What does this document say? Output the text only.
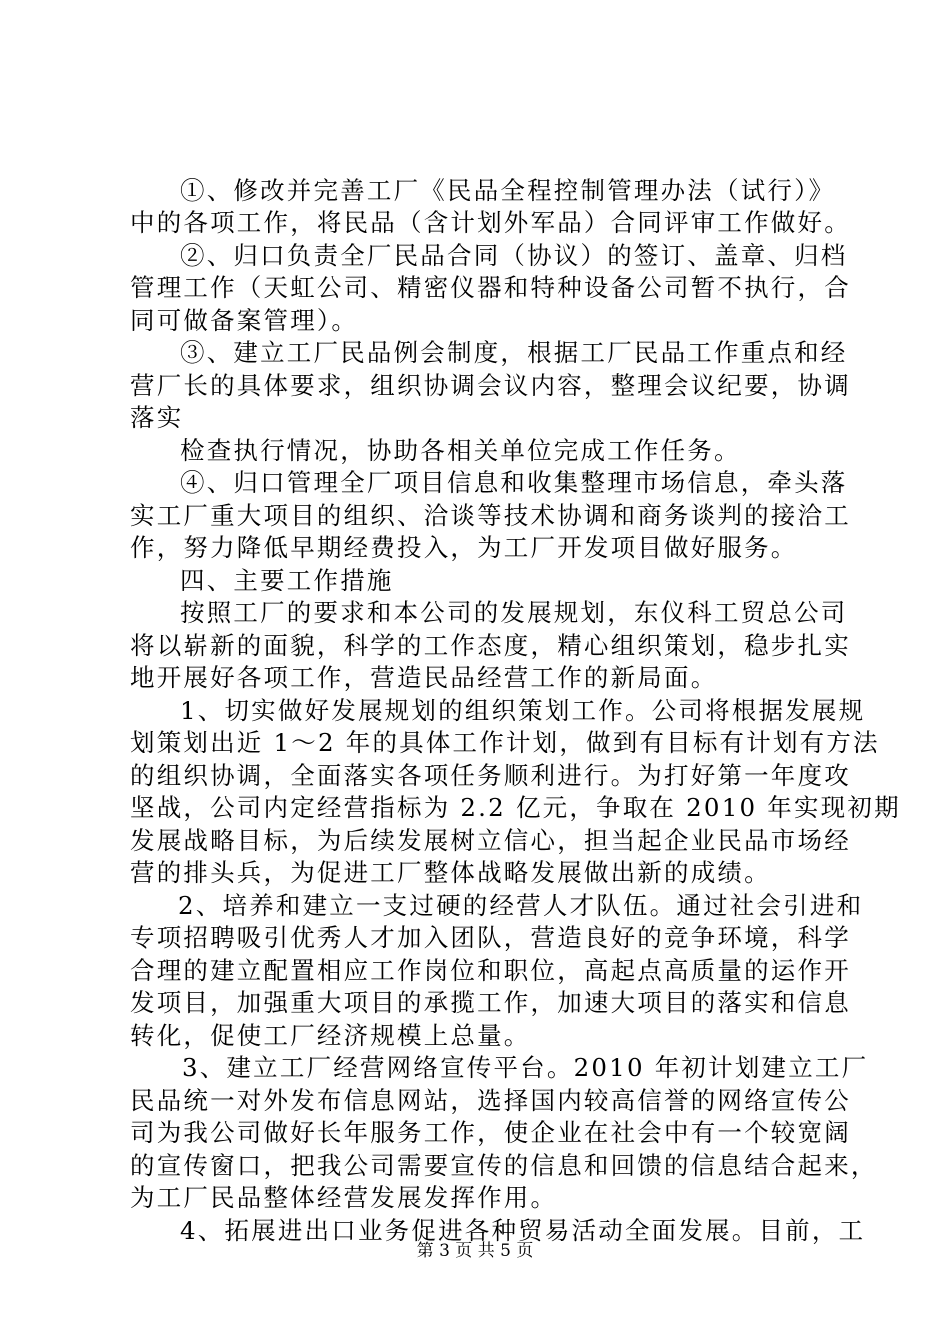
①、修改并完善工厂《民品全程控制管理办法（试行）》
中的各项工作，将民品（含计划外军品）合同评审工作做好。
②、归口负责全厂民品合同（协议）的签订、盖章、归档
管理工作（天虹公司、精密仪器和特种设备公司暂不执行，合
同可做备案管理）。
③、建立工厂民品例会制度，根据工厂民品工作重点和经
营厂长的具体要求，组织协调会议内容，整理会议纪要，协调
落实
检查执行情况，协助各相关单位完成工作任务。
④、归口管理全厂项目信息和收集整理市场信息，牵头落
实工厂重大项目的组织、洽谈等技术协调和商务谈判的接洽工
作，努力降低早期经费投入，为工厂开发项目做好服务。
四、主要工作措施
按照工厂的要求和本公司的发展规划，东仪科工贸总公司
将以崭新的面貌，科学的工作态度，精心组织策划，稳步扎实
地开展好各项工作，营造民品经营工作的新局面。
1、切实做好发展规划的组织策划工作。公司将根据发展规
划策划出近 1～2 年的具体工作计划，做到有目标有计划有方法
的组织协调，全面落实各项任务顺利进行。为打好第一年度攻
坚战，公司内定经营指标为 2.2 亿元，争取在 2010 年实现初期
发展战略目标，为后续发展树立信心，担当起企业民品市场经
营的排头兵，为促进工厂整体战略发展做出新的成绩。
2、培养和建立一支过硬的经营人才队伍。通过社会引进和
专项招聘吸引优秀人才加入团队，营造良好的竞争环境，科学
合理的建立配置相应工作岗位和职位，高起点高质量的运作开
发项目，加强重大项目的承揽工作，加速大项目的落实和信息
转化，促使工厂经济规模上总量。
3、建立工厂经营网络宣传平台。2010 年初计划建立工厂
民品统一对外发布信息网站，选择国内较高信誉的网络宣传公
司为我公司做好长年服务工作，使企业在社会中有一个较宽阔
的宣传窗口，把我公司需要宣传的信息和回馈的信息结合起来，
为工厂民品整体经营发展发挥作用。
4、拓展进出口业务促进各种贸易活动全面发展。目前，工
第 3 页 共 5 页
